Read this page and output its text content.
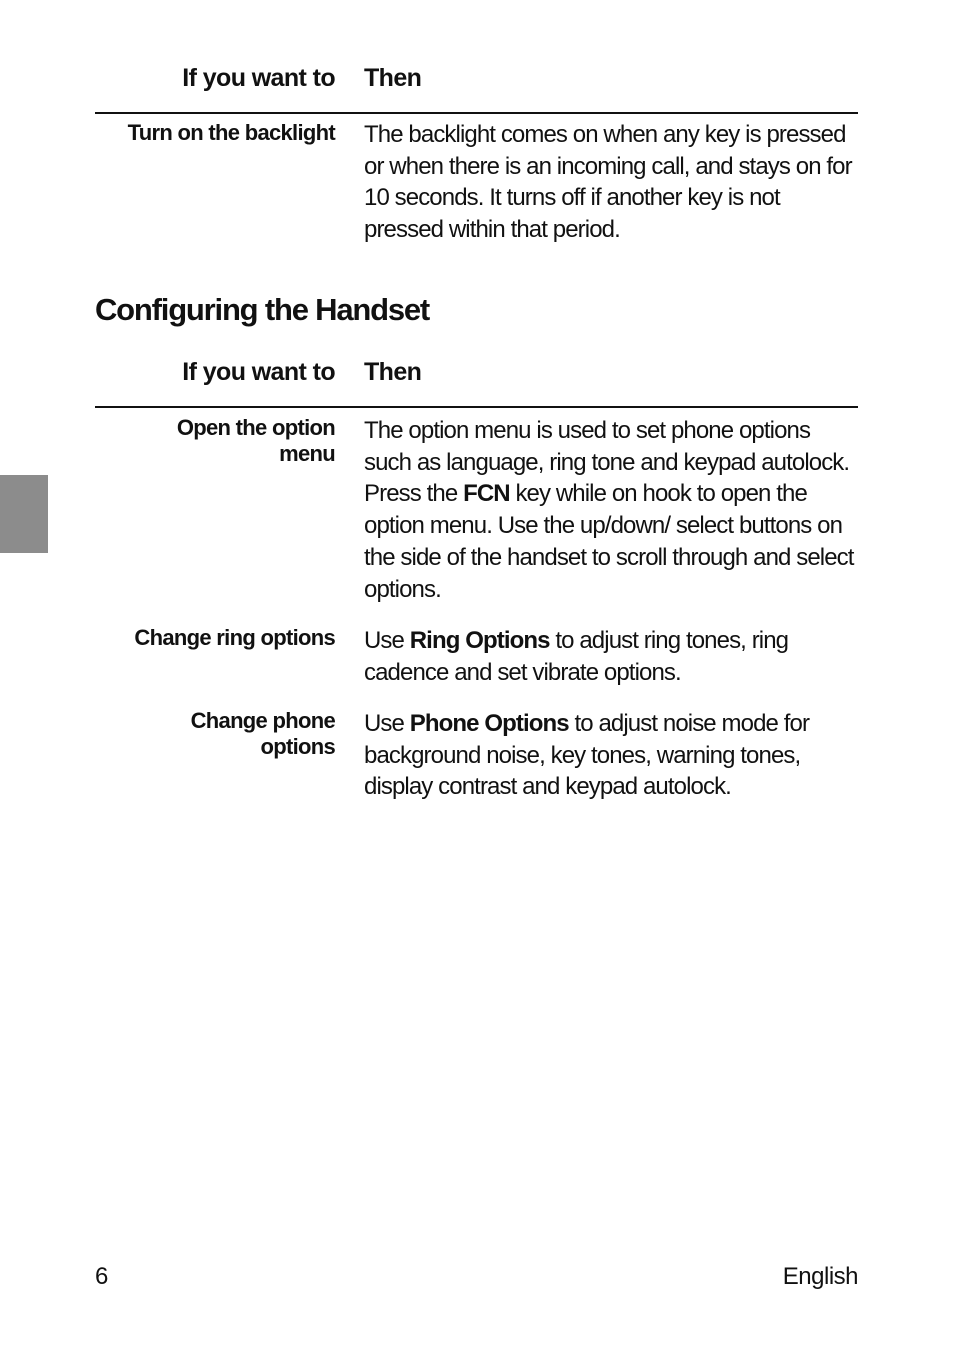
If you want to Then
Turn on the backlight The backlight comes on when any key is pressed or when there is an incoming call, and stays on for 10 seconds. It turns off if another key is not pressed within that period.
Configuring the Handset
If you want to Then
Open the option
menu
The option menu is used to set phone options such as language, ring tone and keypad autolock. Press the FCN key while on hook to open the option menu. Use the up/down/ select buttons on the side of the handset to scroll through and select options.
Change ring options Use Ring Options to adjust ring tones, ring cadence and set vibrate options.
Change phone
options
Use Phone Options to adjust noise mode for background noise, key tones, warning tones, display contrast and keypad autolock.
6	English
